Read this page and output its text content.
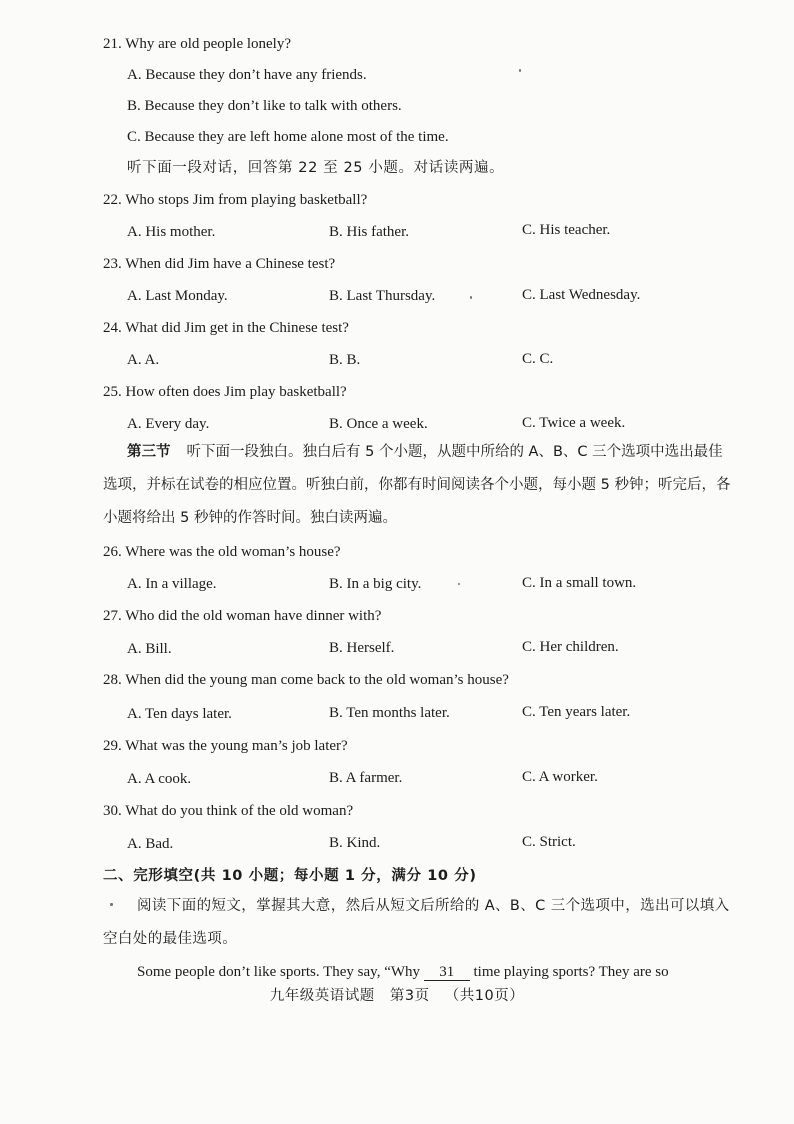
21. Why are old people lonely?
A. Because they don’t have any friends.
B. Because they don’t like to talk with others.
C. Because they are left home alone most of the time.
听下面一段对话，回答第 22 至 25 小题。对话读两遍。
22. Who stops Jim from playing basketball?
A. His mother.	B. His father.	C. His teacher.
23. When did Jim have a Chinese test?
A. Last Monday.	B. Last Thursday.	C. Last Wednesday.
24. What did Jim get in the Chinese test?
A. A.	B. B.	C. C.
25. How often does Jim play basketball?
A. Every day.	B. Once a week.	C. Twice a week.
第三节 听下面一段独白。独白后有 5 个小题，从题中所给的 A、B、C 三个选项中选出最佳选项，并标在试卷的相应位置。听独白前，你都有时间阅读各个小题，每小题 5 秒钟；听完后，各小题将给出 5 秒钟的作答时间。独白读两遍。
26. Where was the old woman’s house?
A. In a village.	B. In a big city.	C. In a small town.
27. Who did the old woman have dinner with?
A. Bill.	B. Herself.	C. Her children.
28. When did the young man come back to the old woman’s house?
A. Ten days later.	B. Ten months later.	C. Ten years later.
29. What was the young man’s job later?
A. A cook.	B. A farmer.	C. A worker.
30. What do you think of the old woman?
A. Bad.	B. Kind.	C. Strict.
二、完形填空(共 10 小题；每小题 1 分，满分 10 分)
阅读下面的短文，掌握其大意，然后从短文后所给的 A、B、C 三个选项中，选出可以填入空白处的最佳选项。
Some people don’t like sports. They say, “Why 31 time playing sports? They are so
九年级英语试题 第3页 （共10页）
